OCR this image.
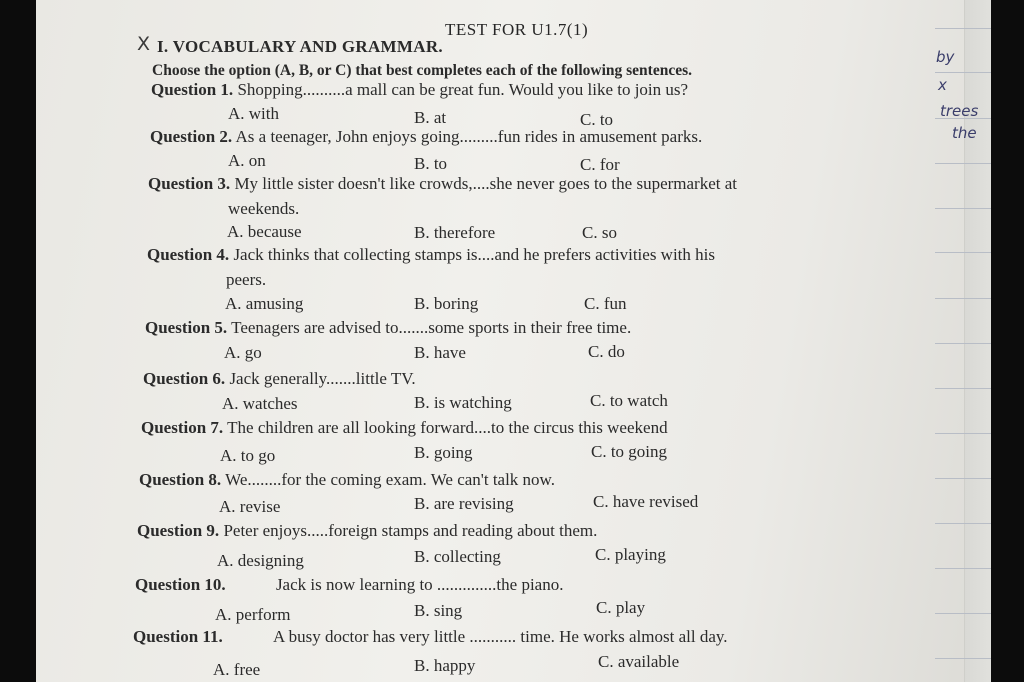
by
x
trees
the
TEST FOR U1.7(1)
X I. VOCABULARY AND GRAMMAR.
Choose the option (A, B, or C) that best completes each of the following sentences.
Question 1. Shopping..........a mall can be great fun. Would you like to join us?
A. with	B. at	C. to
Question 2. As a teenager, John enjoys going.........fun rides in amusement parks.
A. on	B. to	C. for
Question 3. My little sister doesn't like crowds,....she never goes to the supermarket at
weekends.
A. because	B. therefore	C. so
Question 4. Jack thinks that collecting stamps is....and he prefers activities with his
peers.
A. amusing	B. boring	C. fun
Question 5. Teenagers are advised to.......some sports in their free time.
A. go	B. have	C. do
Question 6. Jack generally.......little TV.
A. watches	B. is watching	C. to watch
Question 7. The children are all looking forward....to the circus this weekend
A. to go	B. going	C. to going
Question 8. We........for the coming exam. We can't talk now.
A. revise	B. are revising	C. have revised
Question 9. Peter enjoys.....foreign stamps and reading about them.
A. designing	B. collecting	C. playing
Question 10.	Jack is now learning to ..............the piano.
A. perform	B. sing	C. play
Question 11.	A busy doctor has very little ........... time. He works almost all day.
A. free	B. happy	C. available
